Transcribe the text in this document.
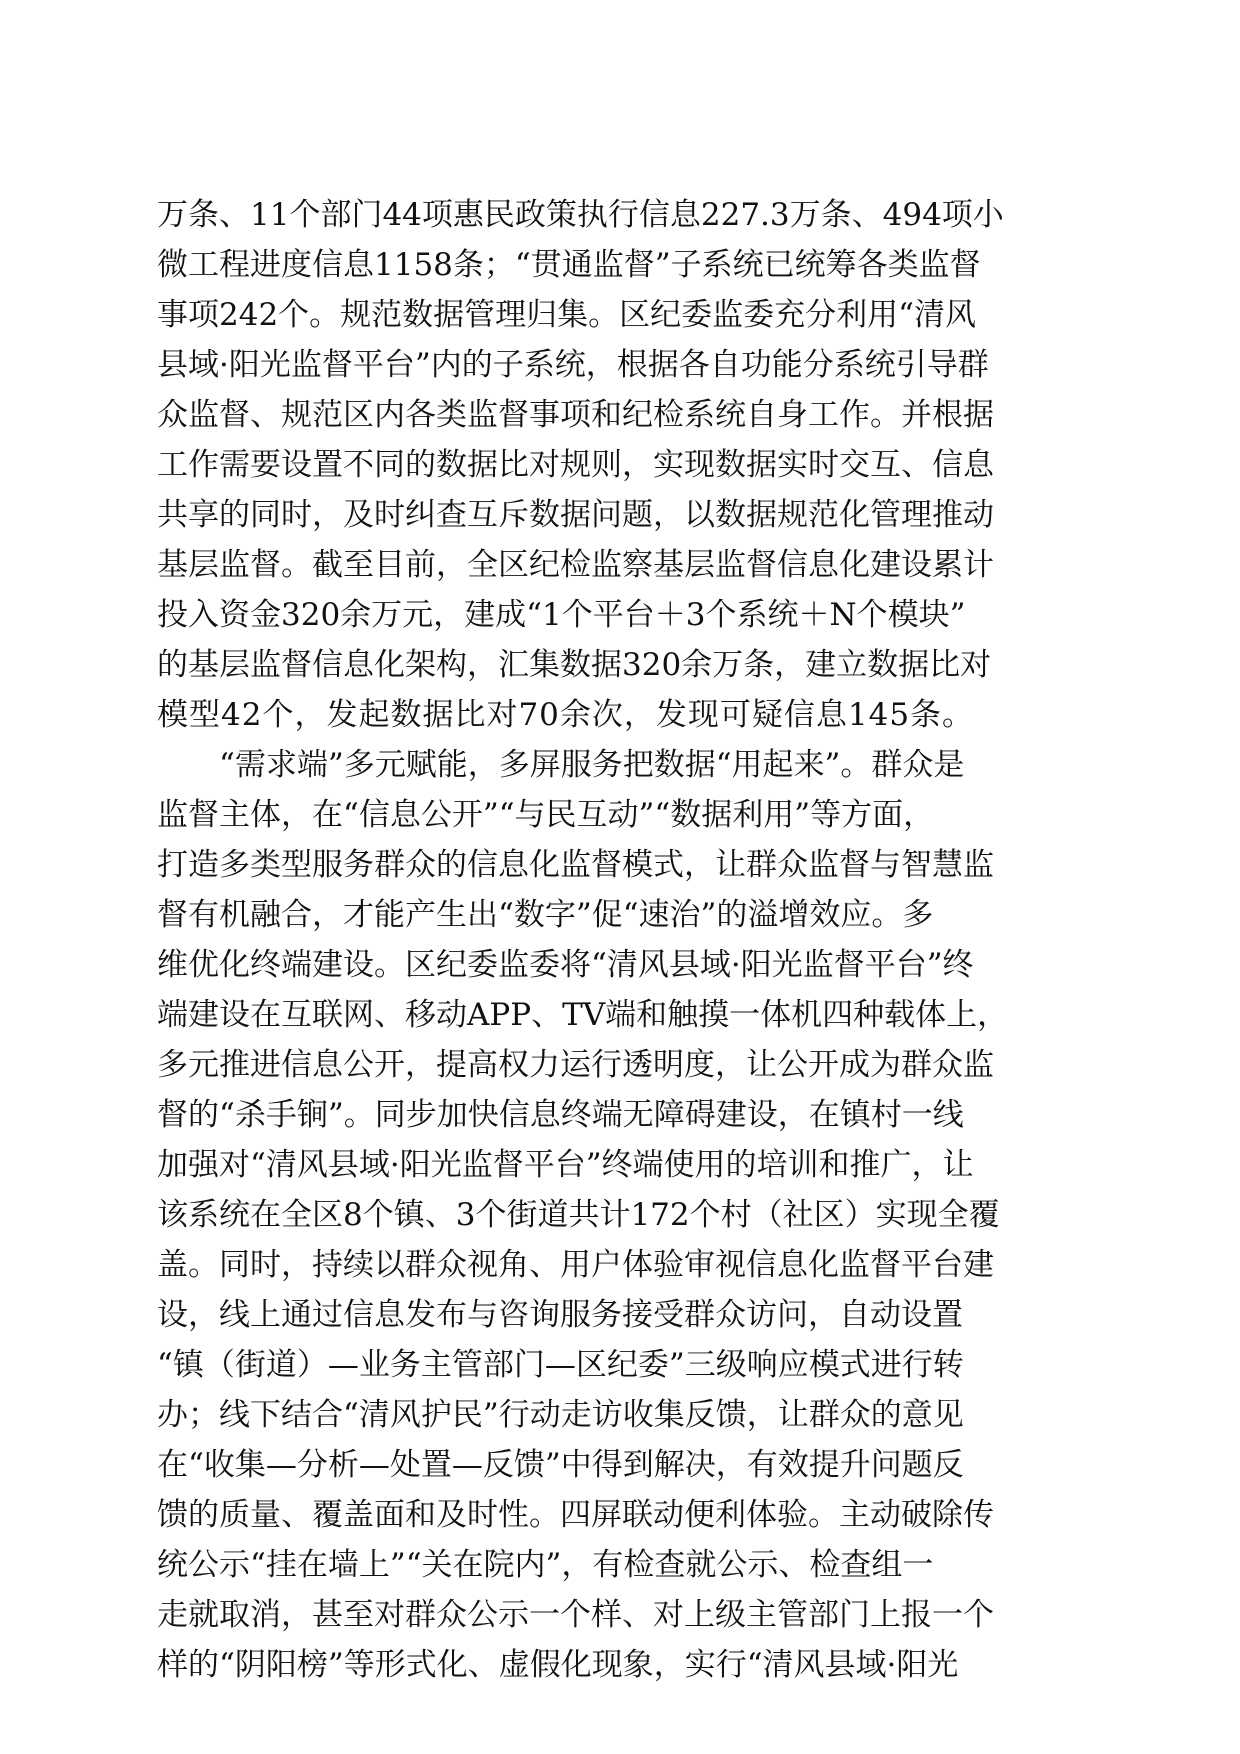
万条、11个部门44项惠民政策执行信息227.3万条、494项小
微工程进度信息1158条；“贯通监督”子系统已统筹各类监督
事项242个。规范数据管理归集。区纪委监委充分利用“清风
县域·阳光监督平台”内的子系统，根据各自功能分系统引导群
众监督、规范区内各类监督事项和纪检系统自身工作。并根据
工作需要设置不同的数据比对规则，实现数据实时交互、信息
共享的同时，及时纠查互斥数据问题，以数据规范化管理推动
基层监督。截至目前，全区纪检监察基层监督信息化建设累计
投入资金320余万元，建成“1个平台＋3个系统＋N个模块”
的基层监督信息化架构，汇集数据320余万条，建立数据比对
模型42个，发起数据比对70余次，发现可疑信息145条。
“需求端”多元赋能，多屏服务把数据“用起来”。群众是
监督主体，在“信息公开”“与民互动”“数据利用”等方面，
打造多类型服务群众的信息化监督模式，让群众监督与智慧监
督有机融合，才能产生出“数字”促“速治”的溢增效应。多
维优化终端建设。区纪委监委将“清风县域·阳光监督平台”终
端建设在互联网、移动APP、TV端和触摸一体机四种载体上，
多元推进信息公开，提高权力运行透明度，让公开成为群众监
督的“杀手锏”。同步加快信息终端无障碍建设，在镇村一线
加强对“清风县域·阳光监督平台”终端使用的培训和推广，让
该系统在全区8个镇、3个街道共计172个村（社区）实现全覆
盖。同时，持续以群众视角、用户体验审视信息化监督平台建
设，线上通过信息发布与咨询服务接受群众访问，自动设置
“镇（街道）—业务主管部门—区纪委”三级响应模式进行转
办；线下结合“清风护民”行动走访收集反馈，让群众的意见
在“收集—分析—处置—反馈”中得到解决，有效提升问题反
馈的质量、覆盖面和及时性。四屏联动便利体验。主动破除传
统公示“挂在墙上”“关在院内”，有检查就公示、检查组一
走就取消，甚至对群众公示一个样、对上级主管部门上报一个
样的“阴阳榜”等形式化、虚假化现象，实行“清风县域·阳光
